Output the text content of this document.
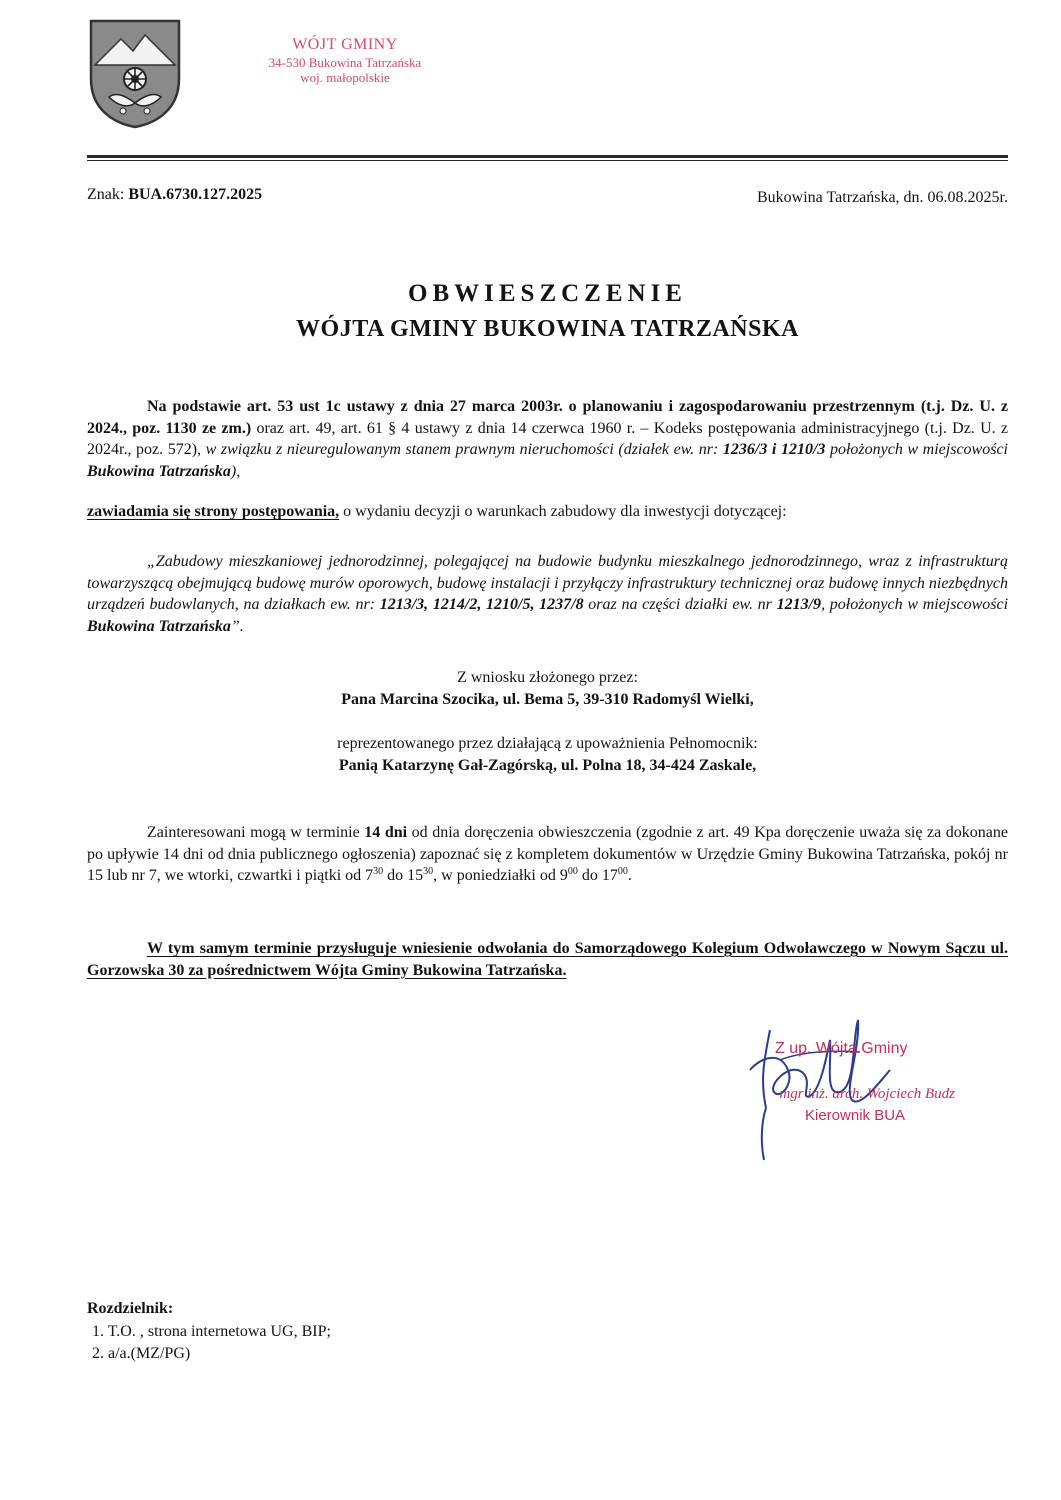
WÓJT GMINY
34-530 Bukowina Tatrzańska
woj. małopolskie
Znak: BUA.6730.127.2025	Bukowina Tatrzańska, dn. 06.08.2025r.
OBWIESZCZENIE
WÓJTA GMINY BUKOWINA TATRZAŃSKA
Na podstawie art. 53 ust 1c ustawy z dnia 27 marca 2003r. o planowaniu i zagospodarowaniu przestrzennym (t.j. Dz. U. z 2024., poz. 1130 ze zm.) oraz art. 49, art. 61 § 4 ustawy z dnia 14 czerwca 1960 r. – Kodeks postępowania administracyjnego (t.j. Dz. U. z 2024r., poz. 572), w związku z nieuregulowanym stanem prawnym nieruchomości (działek ew. nr: 1236/3 i 1210/3 położonych w miejscowości Bukowina Tatrzańska),
zawiadamia się strony postępowania, o wydaniu decyzji o warunkach zabudowy dla inwestycji dotyczącej:
„Zabudowy mieszkaniowej jednorodzinnej, polegającej na budowie budynku mieszkalnego jednorodzinnego, wraz z infrastrukturą towarzyszącą obejmującą budowę murów oporowych, budowę instalacji i przyłączy infrastruktury technicznej oraz budowę innych niezbędnych urządzeń budowlanych, na działkach ew. nr: 1213/3, 1214/2, 1210/5, 1237/8 oraz na części działki ew. nr 1213/9, położonych w miejscowości Bukowina Tatrzańska”.
Z wniosku złożonego przez:
Pana Marcina Szocika, ul. Bema 5, 39-310 Radomyśl Wielki,
reprezentowanego przez działającą z upoważnienia Pełnomocnik:
Panią Katarzynę Gał-Zagórską, ul. Polna 18, 34-424 Zaskale,
Zainteresowani mogą w terminie 14 dni od dnia doręczenia obwieszczenia (zgodnie z art. 49 Kpa doręczenie uważa się za dokonane po upływie 14 dni od dnia publicznego ogłoszenia) zapoznać się z kompletem dokumentów w Urzędzie Gminy Bukowina Tatrzańska, pokój nr 15 lub nr 7, we wtorki, czwartki i piątki od $7^{30}$ do $15^{30}$, w poniedziałki od $9^{00}$ do $17^{00}$.
W tym samym terminie przysługuje wniesienie odwołania do Samorządowego Kolegium Odwoławczego w Nowym Sączu ul. Gorzowska 30 za pośrednictwem Wójta Gminy Bukowina Tatrzańska.
Z up. Wójta Gminy
mgr inż. arch. Wojciech Budz
Kierownik BUA
Rozdzielnik:
1. T.O. , strona internetowa UG, BIP;
2. a/a.(MZ/PG)
